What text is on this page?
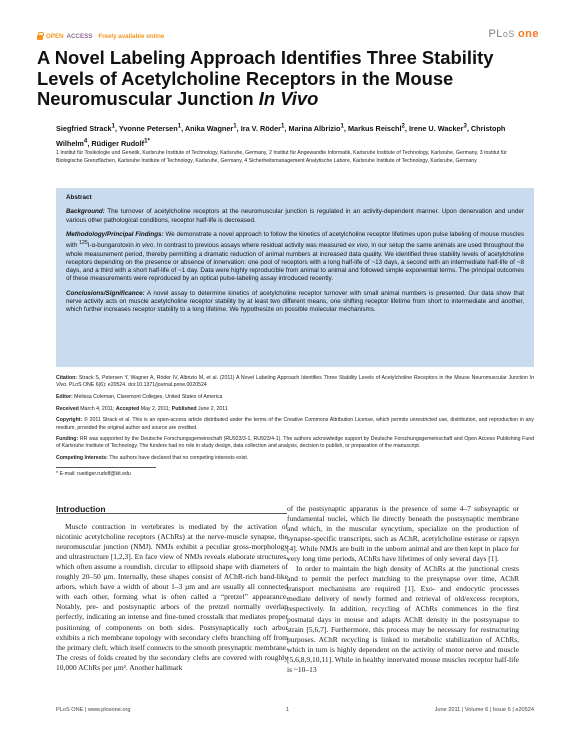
OPEN ACCESS Freely available online	PL oS one
A Novel Labeling Approach Identifies Three Stability Levels of Acetylcholine Receptors in the Mouse Neuromuscular Junction In Vivo

Siegfried Strack$^1$, Yvonne Petersen$^1$, Anika Wagner$^1$, Ira V. Röder$^1$, Marina Albrizio$^1$, Markus Reischl$^2$, Irene U. Wacker$^3$, Christoph Wilhelm$^4$, Rüdiger Rudolf$^{1*}$

1 Institut für Toxikologie und Genetik, Karlsruhe Institute of Technology, Karlsruhe, Germany, 2 Institut für Angewandte Informatik, Karlsruhe Institute of Technology, Karlsruhe, Germany, 3 Institut für Biologische Grenzflächen, Karlsruhe Institute of Technology, Karlsruhe, Germany, 4 Sicherheitsmanagement Analytische Labore, Karlsruhe Institute of Technology, Karlsruhe, Germany

Abstract

Background: The turnover of acetylcholine receptors at the neuromuscular junction is regulated in an activity-dependent manner. Upon denervation and under various other pathological conditions, receptor half-life is decreased.

Methodology/Principal Findings: We demonstrate a novel approach to follow the kinetics of acetylcholine receptor lifetimes upon pulse labeling of mouse muscles with $^{125}$I-α-bungarotoxin in vivo. In contrast to previous assays where residual activity was measured ex vivo, in our setup the same animals are used throughout the whole measurement period, thereby permitting a dramatic reduction of animal numbers at increased data quality. We identified three stability levels of acetylcholine receptors depending on the presence or absence of innervation: one pool of receptors with a long half-life of ~13 days, a second with an intermediate half-life of ~8 days, and a third with a short half-life of ~1 day. Data were highly reproducible from animal to animal and followed simple exponential terms. The principal outcomes of these measurements were reproduced by an optical pulse-labeling assay introduced recently.

Conclusions/Significance: A novel assay to determine kinetics of acetylcholine receptor turnover with small animal numbers is presented. Our data show that nerve activity acts on muscle acetylcholine receptor stability by at least two different means, one shifting receptor lifetime from short to intermediate and another, which further increases receptor stability to a long lifetime. We hypothesize on possible molecular mechanisms.

Citation: Strack S, Petersen Y, Wagner A, Röder IV, Albrizio M, et al. (2011) A Novel Labeling Approach Identifies Three Stability Levels of Acetylcholine Receptors in the Mouse Neuromuscular Junction In Vivo. PLoS ONE 6(6): e20524. doi:10.1371/journal.pone.0020524

Editor: Melissa Coleman, Claremont Colleges, United States of America

Received March 4, 2011; Accepted May 2, 2011; Published June 2, 2011

Copyright: © 2011 Strack et al. This is an open-access article distributed under the terms of the Creative Commons Attribution License, which permits unrestricted use, distribution, and reproduction in any medium, provided the original author and source are credited.

Funding: RR was supported by the Deutsche Forschungsgemeinschaft (RU923/3-1, RU923/4-1). The authors acknowledge support by Deutsche Forschungsgemeinschaft and Open Access Publishing Fund of Karlsruhe Institute of Technology. The funders had no role in study design, data collection and analysis, decision to publish, or preparation of the manuscript.

Competing Interests: The authors have declared that no competing interests exist.

* E-mail: ruediger.rudolf@kit.edu

Introduction

Muscle contraction in vertebrates is mediated by the activation of nicotinic acetylcholine receptors (AChRs) at the nerve-muscle synapse, the neuromuscular junction (NMJ). NMJs exhibit a peculiar gross-morphology and ultrastructure [1,2,3]. En face view of NMJs reveals elaborate structures, which often assume a roundish, circular to ellipsoid shape with diameters of roughly 20–50 µm. Internally, these shapes consist of AChR-rich band-like arbors, which have a width of about 1–3 µm and are usually all connected with each other, forming what is often called a “pretzel” appearance. Notably, pre- and postsynaptic arbors of the pretzel normally overlap perfectly, indicating an intense and fine-tuned crosstalk that mediates proper positioning of components on both sides. Postsynaptically each arbor exhibits a rich membrane topology with secondary clefts branching off from the primary cleft, which itself connects to the smooth presynaptic membrane. The crests of folds created by the secondary clefts are covered with roughly 10,000 AChRs per µm². Another hallmark

of the postsynaptic apparatus is the presence of some 4–7 subsynaptic or fundamental nuclei, which lie directly beneath the postsynaptic membrane and which, in the muscular syncytium, specialize on the production of synapse-specific transcripts, such as AChR, acetylcholine esterase or rapsyn [4]. While NMJs are built in the unborn animal and are then kept in place for very long time periods, AChRs have lifetimes of only several days [1].

In order to maintain the high density of AChRs at the junctional crests and to permit the perfect matching to the presynapse over time, AChR transport mechanisms are required [1]. Exo- and endocytic processes mediate delivery of newly formed and retrieval of old/excess receptors, respectively. In addition, recycling of AChRs commences in the first postnatal days in mouse and adapts AChR density in the postsynapse to strain [5,6,7]. Furthermore, this process may be necessary for restructuring purposes. AChR recycling is linked to metabolic stabilization of AChRs, which in turn is highly dependent on the activity of motor nerve and muscle [5,6,8,9,10,11]. While in healthy innervated mouse muscles receptor half-life is ~10–13

PLoS ONE | www.plosone.org	1	June 2011 | Volume 6 | Issue 6 | e20524
